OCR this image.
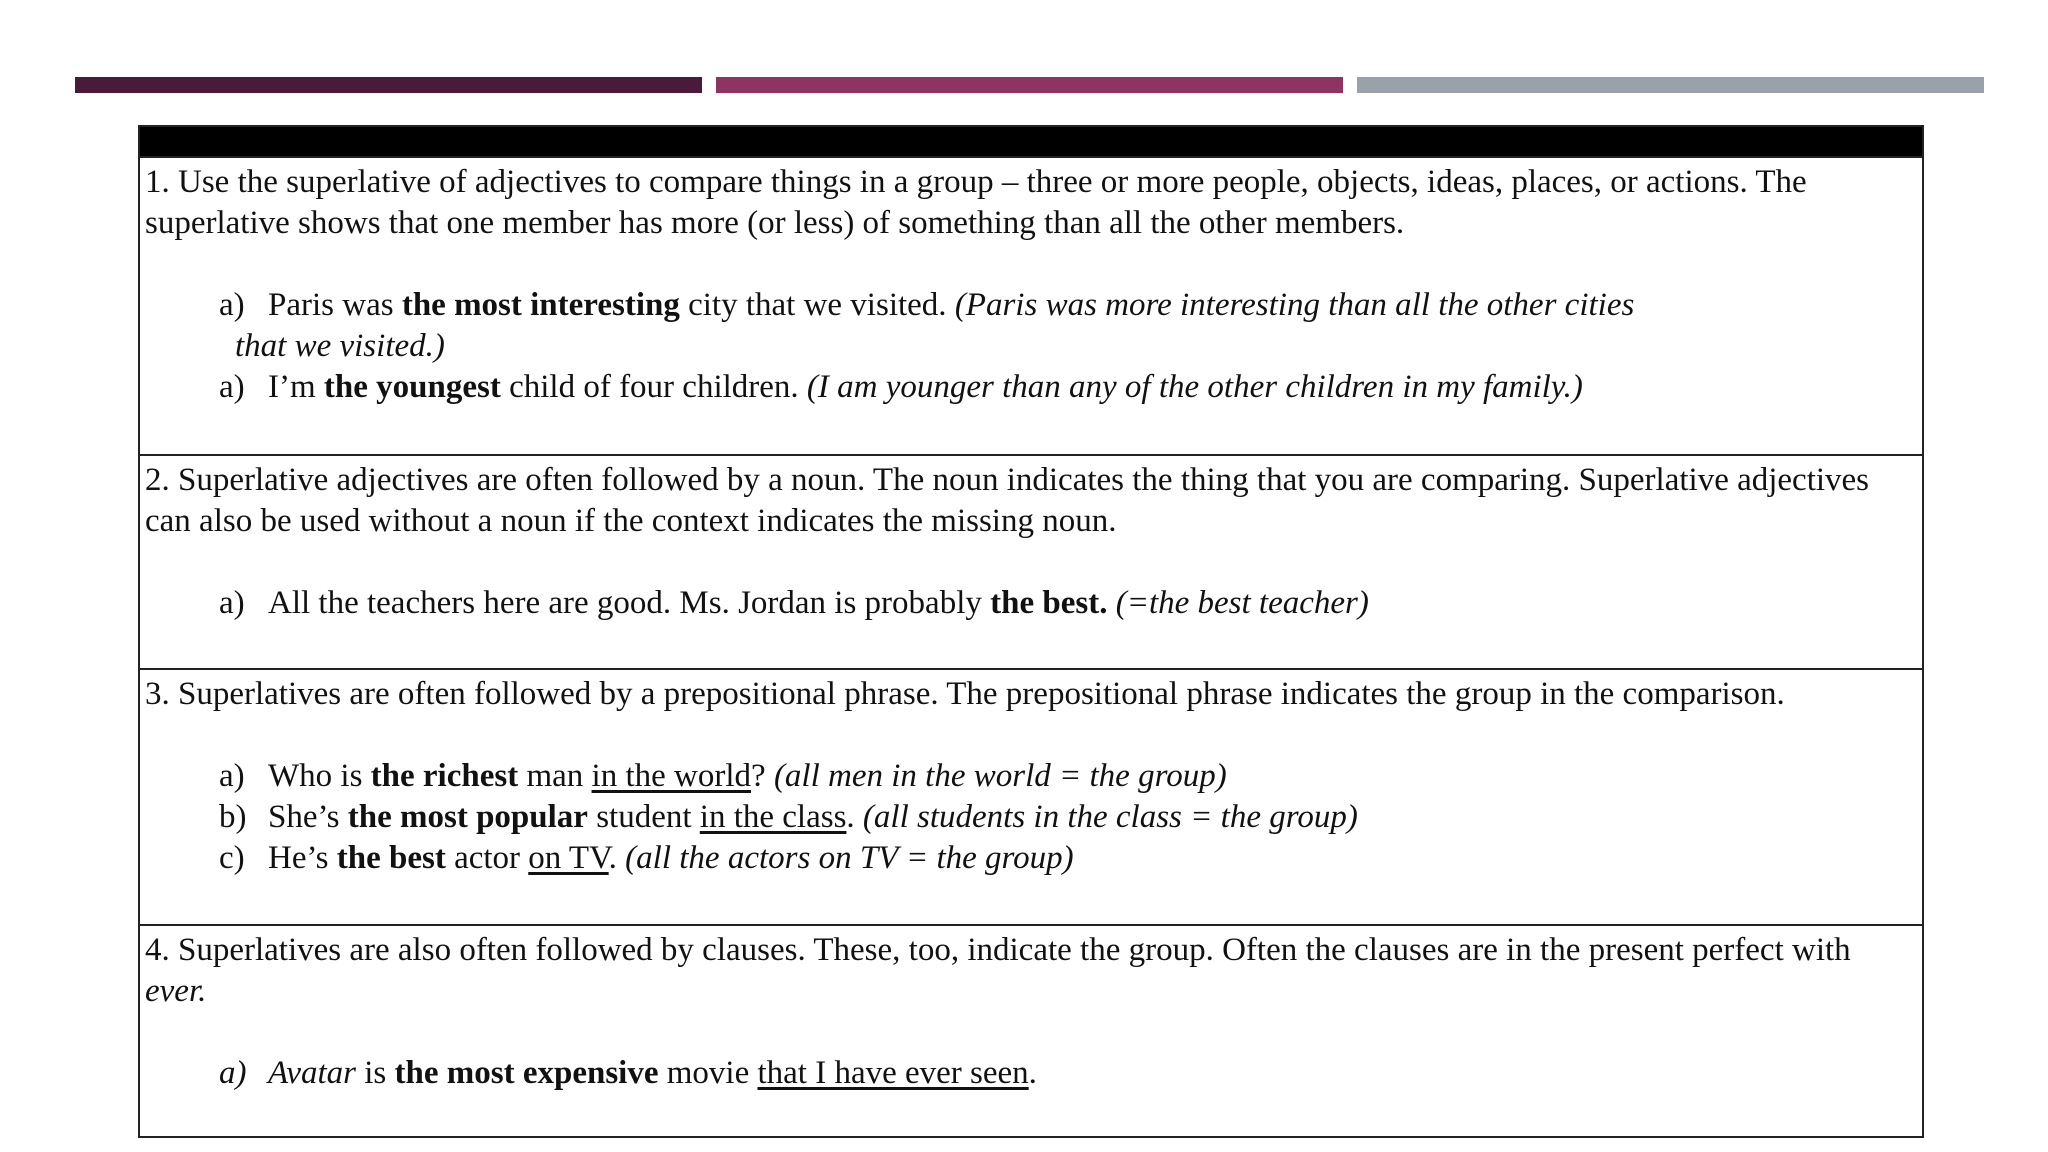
1. Use the superlative of adjectives to compare things in a group – three or more people, objects, ideas, places, or actions. The superlative shows that one member has more (or less) of something than all the other members.

a) Paris was the most interesting city that we visited. (Paris was more interesting than all the other cities
that we visited.)
a) I’m the youngest child of four children. (I am younger than any of the other children in my family.)

2. Superlative adjectives are often followed by a noun. The noun indicates the thing that you are comparing. Superlative adjectives can also be used without a noun if the context indicates the missing noun.

a) All the teachers here are good. Ms. Jordan is probably the best. (=the best teacher)

3. Superlatives are often followed by a prepositional phrase. The prepositional phrase indicates the group in the comparison.

a) Who is the richest man in the world? (all men in the world = the group)
b) She’s the most popular student in the class. (all students in the class = the group)
c) He’s the best actor on TV. (all the actors on TV = the group)

4. Superlatives are also often followed by clauses. These, too, indicate the group. Often the clauses are in the present perfect with ever.

a) Avatar is the most expensive movie that I have ever seen.
